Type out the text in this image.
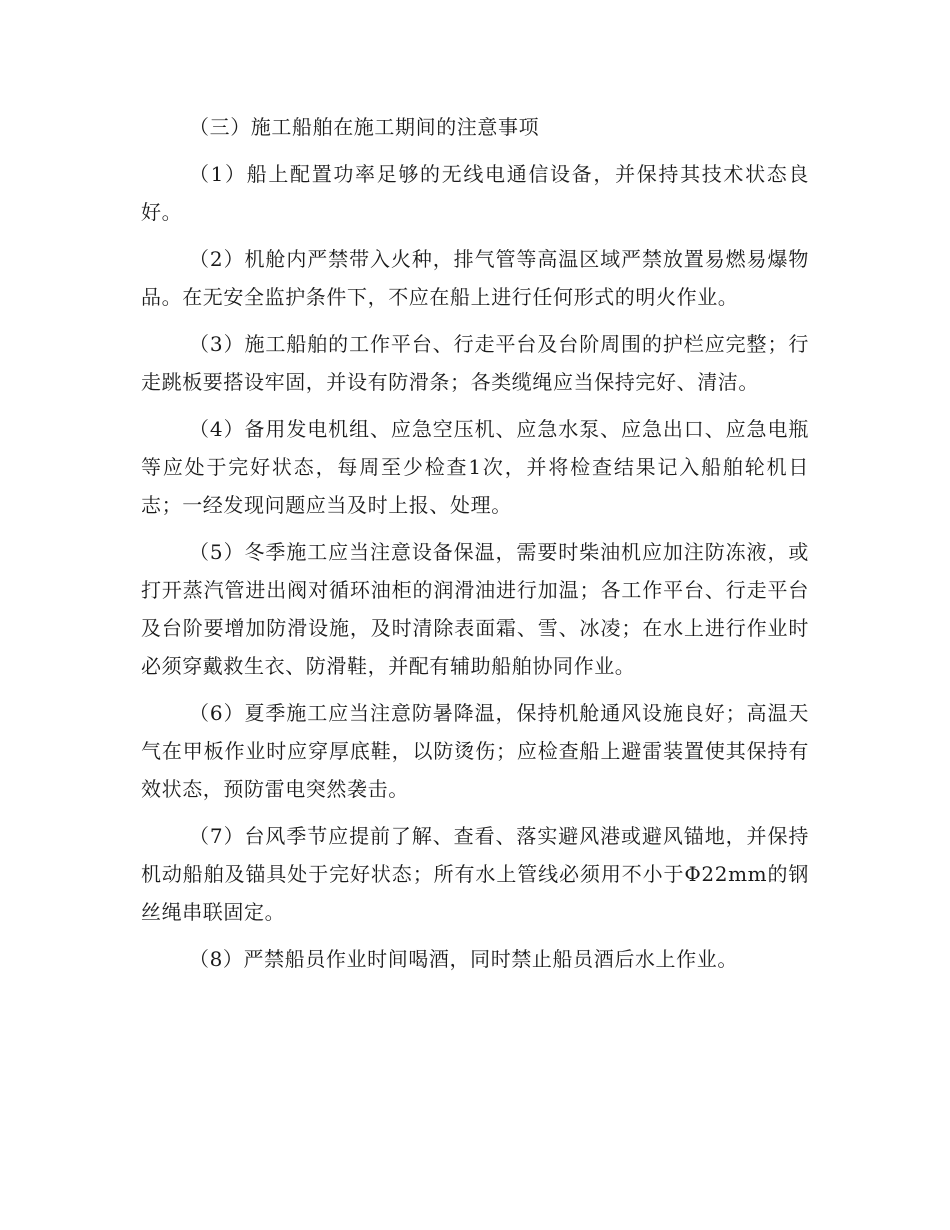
（三）施工船舶在施工期间的注意事项

（1）船上配置功率足够的无线电通信设备，并保持其技术状态良好。

（2）机舱内严禁带入火种，排气管等高温区域严禁放置易燃易爆物品。在无安全监护条件下，不应在船上进行任何形式的明火作业。

（3）施工船舶的工作平台、行走平台及台阶周围的护栏应完整；行走跳板要搭设牢固，并设有防滑条；各类缆绳应当保持完好、清洁。

（4）备用发电机组、应急空压机、应急水泵、应急出口、应急电瓶等应处于完好状态，每周至少检查1次，并将检查结果记入船舶轮机日志；一经发现问题应当及时上报、处理。

（5）冬季施工应当注意设备保温，需要时柴油机应加注防冻液，或打开蒸汽管进出阀对循环油柜的润滑油进行加温；各工作平台、行走平台及台阶要增加防滑设施，及时清除表面霜、雪、冰凌；在水上进行作业时必须穿戴救生衣、防滑鞋，并配有辅助船舶协同作业。

（6）夏季施工应当注意防暑降温，保持机舱通风设施良好；高温天气在甲板作业时应穿厚底鞋，以防烫伤；应检查船上避雷装置使其保持有效状态，预防雷电突然袭击。

（7）台风季节应提前了解、查看、落实避风港或避风锚地，并保持机动船舶及锚具处于完好状态；所有水上管线必须用不小于Φ22mm的钢丝绳串联固定。

（8）严禁船员作业时间喝酒，同时禁止船员酒后水上作业。
